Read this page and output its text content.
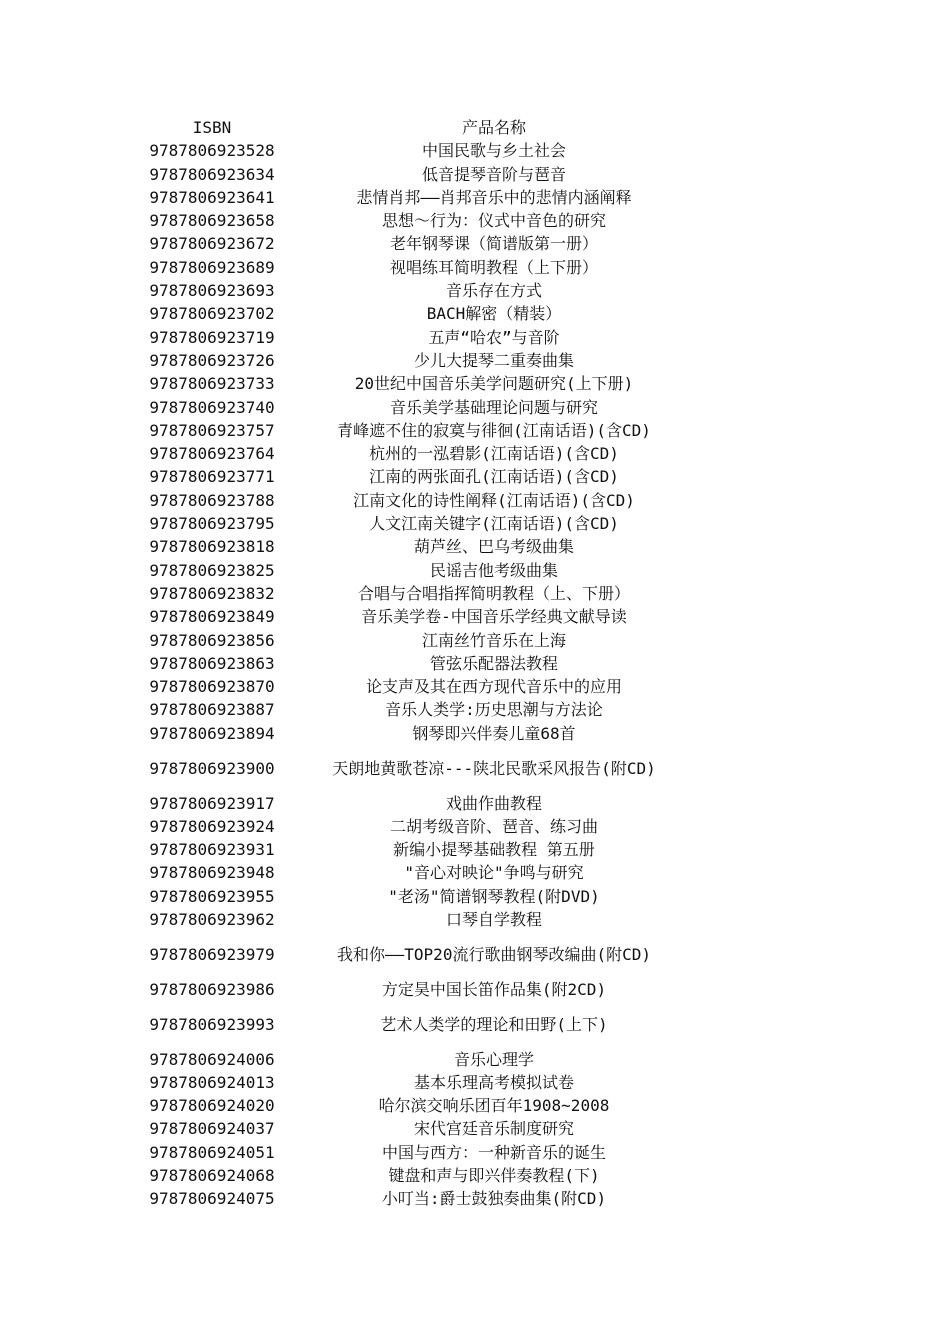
ISBN	产品名称
9787806923528	中国民歌与乡土社会
9787806923634	低音提琴音阶与琶音
9787806923641	悲情肖邦——肖邦音乐中的悲情内涵阐释
9787806923658	思想～行为：仪式中音色的研究
9787806923672	老年钢琴课（简谱版第一册）
9787806923689	视唱练耳简明教程（上下册）
9787806923693	音乐存在方式
9787806923702	BACH解密（精装）
9787806923719	五声“哈农”与音阶
9787806923726	少儿大提琴二重奏曲集
9787806923733	20世纪中国音乐美学问题研究(上下册)
9787806923740	音乐美学基础理论问题与研究
9787806923757	青峰遮不住的寂寞与徘徊(江南话语)(含CD)
9787806923764	杭州的一泓碧影(江南话语)(含CD)
9787806923771	江南的两张面孔(江南话语)(含CD)
9787806923788	江南文化的诗性阐释(江南话语)(含CD)
9787806923795	人文江南关键字(江南话语)(含CD)
9787806923818	葫芦丝、巴乌考级曲集
9787806923825	民谣吉他考级曲集
9787806923832	合唱与合唱指挥简明教程（上、下册）
9787806923849	音乐美学卷-中国音乐学经典文献导读
9787806923856	江南丝竹音乐在上海
9787806923863	管弦乐配器法教程
9787806923870	论支声及其在西方现代音乐中的应用
9787806923887	音乐人类学:历史思潮与方法论
9787806923894	钢琴即兴伴奏儿童68首
9787806923900	天朗地黄歌苍凉---陕北民歌采风报告(附CD)
9787806923917	戏曲作曲教程
9787806923924	二胡考级音阶、琶音、练习曲
9787806923931	新编小提琴基础教程 第五册
9787806923948	"音心对映论"争鸣与研究
9787806923955	"老汤"简谱钢琴教程(附DVD)
9787806923962	口琴自学教程
9787806923979	我和你——TOP20流行歌曲钢琴改编曲(附CD)
9787806923986	方定昊中国长笛作品集(附2CD)
9787806923993	艺术人类学的理论和田野(上下)
9787806924006	音乐心理学
9787806924013	基本乐理高考模拟试卷
9787806924020	哈尔滨交响乐团百年1908~2008
9787806924037	宋代宫廷音乐制度研究
9787806924051	中国与西方：一种新音乐的诞生
9787806924068	键盘和声与即兴伴奏教程(下)
9787806924075	小叮当:爵士鼓独奏曲集(附CD)
